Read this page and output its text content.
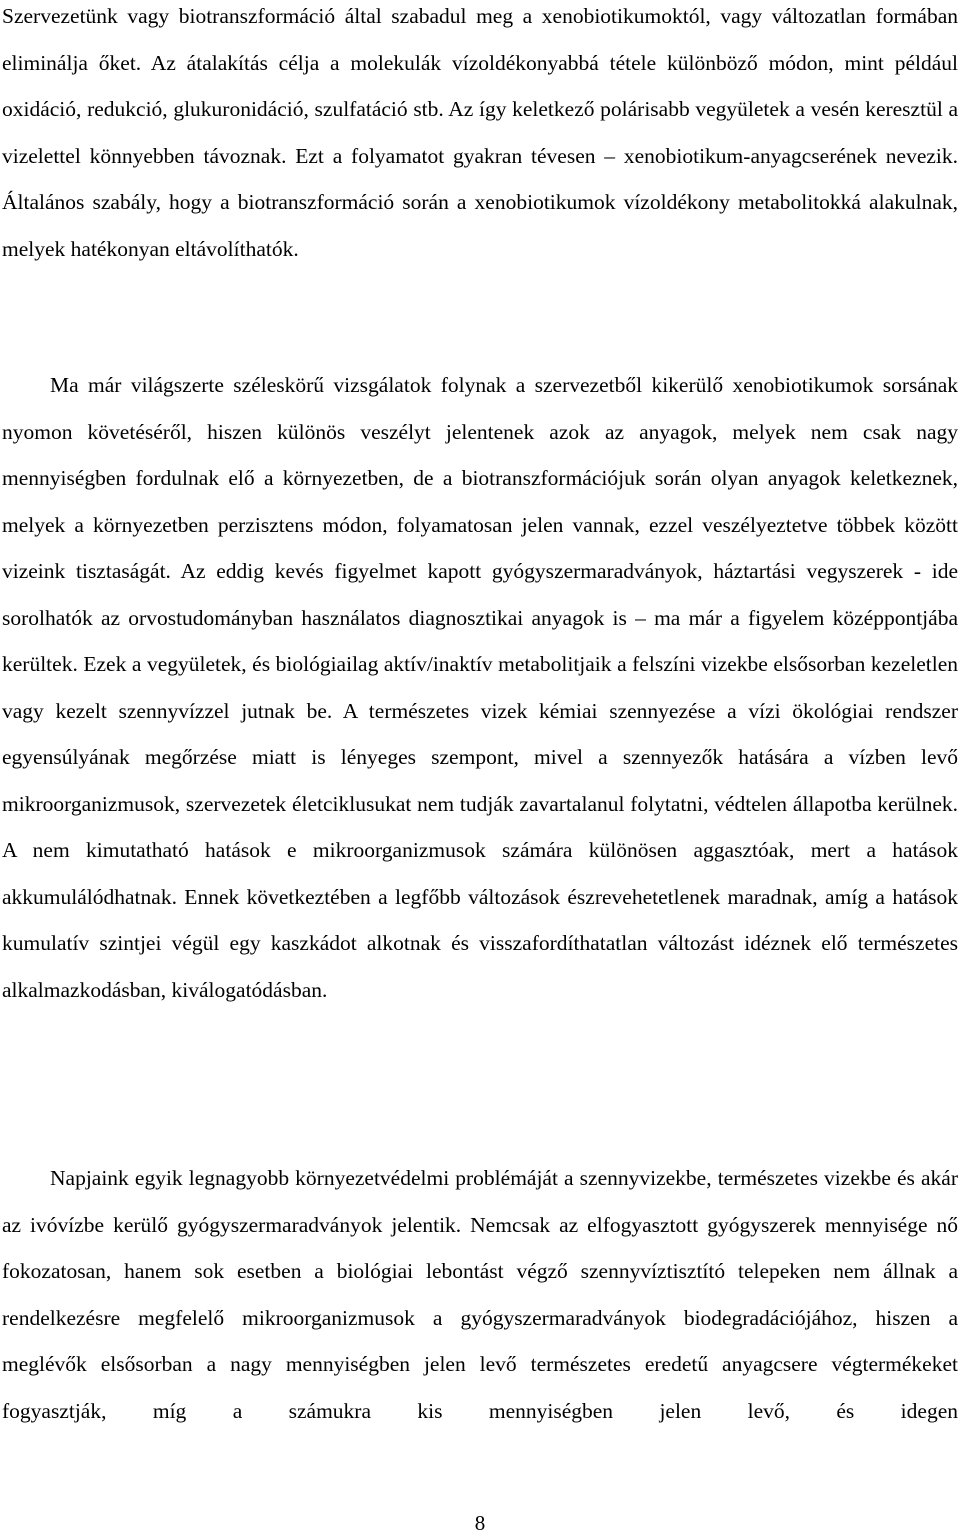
Szervezetünk vagy biotranszformáció által szabadul meg a xenobiotikumoktól, vagy változatlan formában eliminálja őket. Az átalakítás célja a molekulák vízoldékonyabbá tétele különböző módon, mint például oxidáció, redukció, glukuronidáció, szulfatáció stb. Az így keletkező polárisabb vegyületek a vesén keresztül a vizelettel könnyebben távoznak. Ezt a folyamatot gyakran tévesen – xenobiotikum-anyagcserének nevezik. Általános szabály, hogy a biotranszformáció során a xenobiotikumok vízoldékony metabolitokká alakulnak, melyek hatékonyan eltávolíthatók.

Ma már világszerte széleskörű vizsgálatok folynak a szervezetből kikerülő xenobiotikumok sorsának nyomon követéséről, hiszen különös veszélyt jelentenek azok az anyagok, melyek nem csak nagy mennyiségben fordulnak elő a környezetben, de a biotranszformációjuk során olyan anyagok keletkeznek, melyek a környezetben perzisztens módon, folyamatosan jelen vannak, ezzel veszélyeztetve többek között vizeink tisztaságát. Az eddig kevés figyelmet kapott gyógyszermaradványok, háztartási vegyszerek - ide sorolhatók az orvostudományban használatos diagnosztikai anyagok is – ma már a figyelem középpontjába kerültek. Ezek a vegyületek, és biológiailag aktív/inaktív metabolitjaik a felszíni vizekbe elsősorban kezeletlen vagy kezelt szennyvízzel jutnak be. A természetes vizek kémiai szennyezése a vízi ökológiai rendszer egyensúlyának megőrzése miatt is lényeges szempont, mivel a szennyezők hatására a vízben levő mikroorganizmusok, szervezetek életciklusukat nem tudják zavartalanul folytatni, védtelen állapotba kerülnek. A nem kimutatható hatások e mikroorganizmusok számára különösen aggasztóak, mert a hatások akkumulálódhatnak. Ennek következtében a legfőbb változások észrevehetetlenek maradnak, amíg a hatások kumulatív szintjei végül egy kaszkádot alkotnak és visszafordíthatatlan változást idéznek elő természetes alkalmazkodásban, kiválogatódásban.

Napjaink egyik legnagyobb környezetvédelmi problémáját a szennyvizekbe, természetes vizekbe és akár az ivóvízbe kerülő gyógyszermaradványok jelentik. Nemcsak az elfogyasztott gyógyszerek mennyisége nő fokozatosan, hanem sok esetben a biológiai lebontást végző szennyvíztisztító telepeken nem állnak a rendelkezésre megfelelő mikroorganizmusok a gyógyszermaradványok biodegradációjához, hiszen a meglévők elsősorban a nagy mennyiségben jelen levő természetes eredetű anyagcsere végtermékeket fogyasztják, míg a számukra kis mennyiségben jelen levő, és idegen

8
